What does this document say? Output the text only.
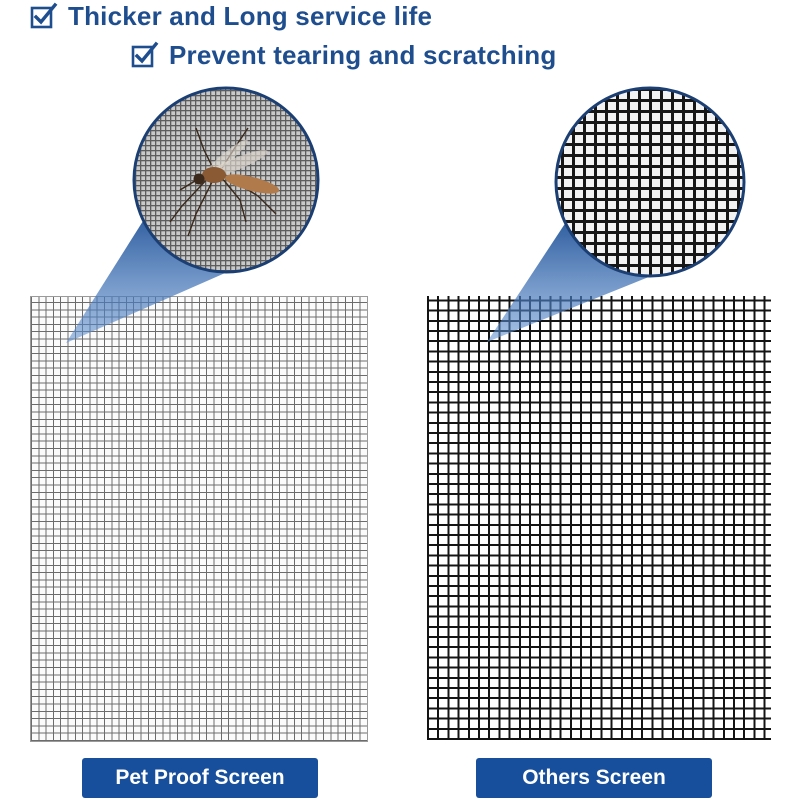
Thicker and Long service life
Prevent tearing and scratching
Pet Proof Screen	Others Screen
